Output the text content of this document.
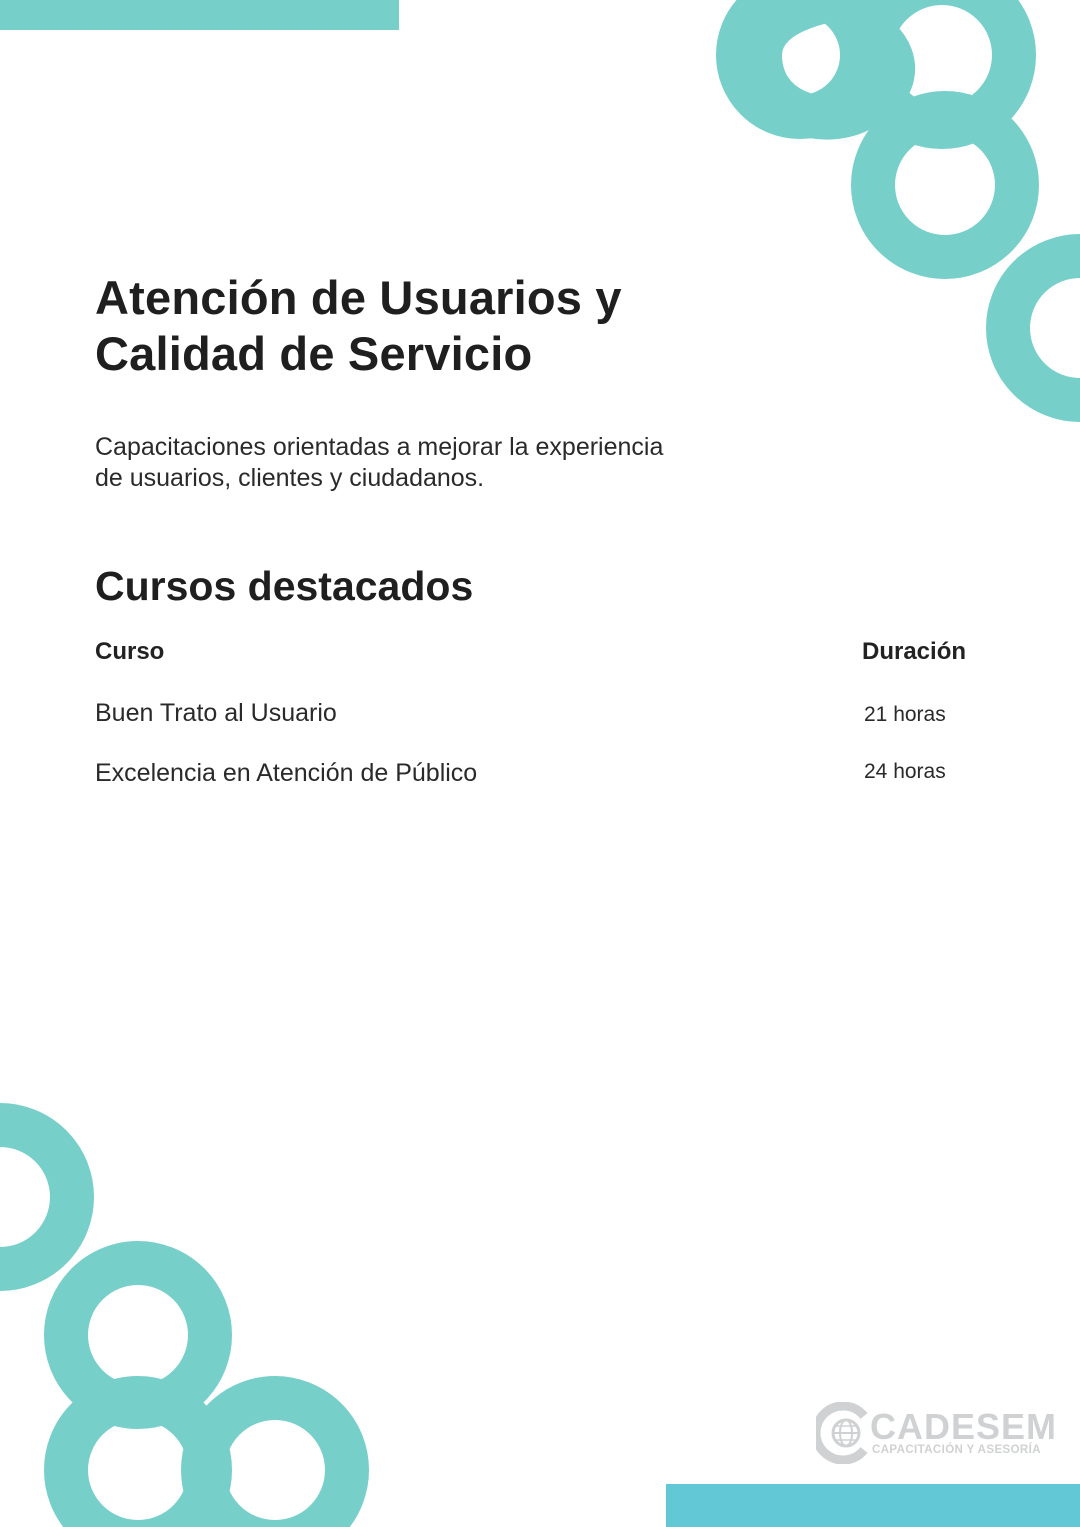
Atención de Usuarios y
Calidad de Servicio

Capacitaciones orientadas a mejorar la experiencia
de usuarios, clientes y ciudadanos.

Cursos destacados
Curso	Duración
Buen Trato al Usuario	21 horas
Excelencia en Atención de Público	24 horas
CADESEM
CAPACITACIÓN Y ASESORÍA
